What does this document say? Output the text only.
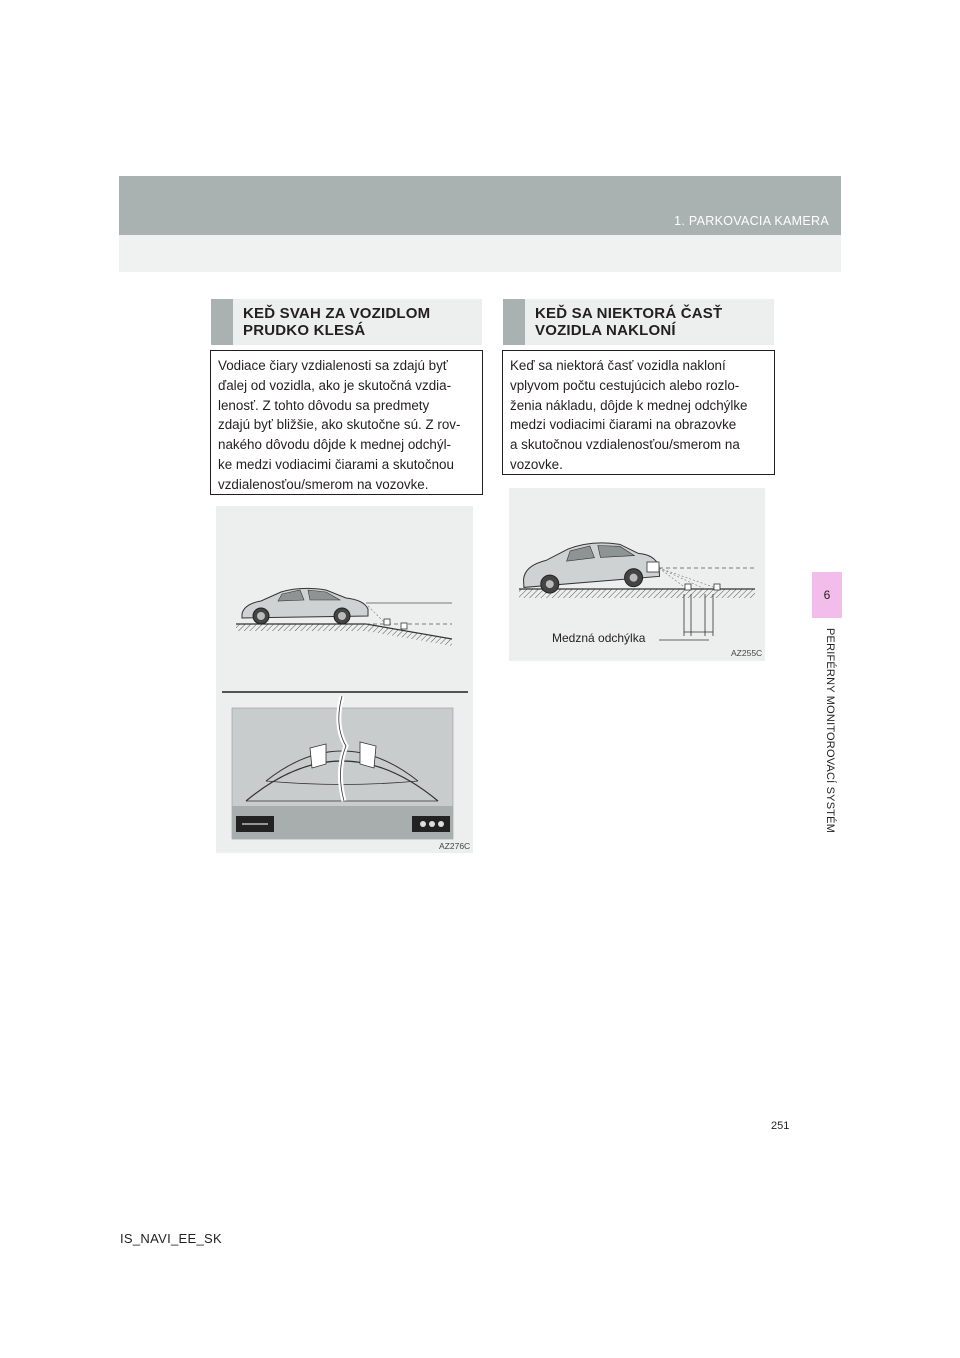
1. PARKOVACIA KAMERA
6
PERIFÉRNY MONITOROVACÍ SYSTÉM
KEĎ SVAH ZA VOZIDLOM
PRUDKO KLESÁ
Vodiace čiary vzdialenosti sa zdajú byť
ďalej od vozidla, ako je skutočná vzdia-
lenosť. Z tohto dôvodu sa predmety
zdajú byť bližšie, ako skutočne sú. Z rov-
nakého dôvodu dôjde k mednej odchýl-
ke medzi vodiacimi čiarami a skutočnou
vzdialenosťou/smerom na vozovke.
AZ276C
KEĎ SA NIEKTORÁ ČASŤ
VOZIDLA NAKLONÍ
Keď sa niektorá časť vozidla nakloní
vplyvom počtu cestujúcich alebo rozlo-
ženia nákladu, dôjde k mednej odchýlke
medzi vodiacimi čiarami na obrazovke
a skutočnou vzdialenosťou/smerom na
vozovke.
Medzná odchýlka
AZ255C
251
IS_NAVI_EE_SK
